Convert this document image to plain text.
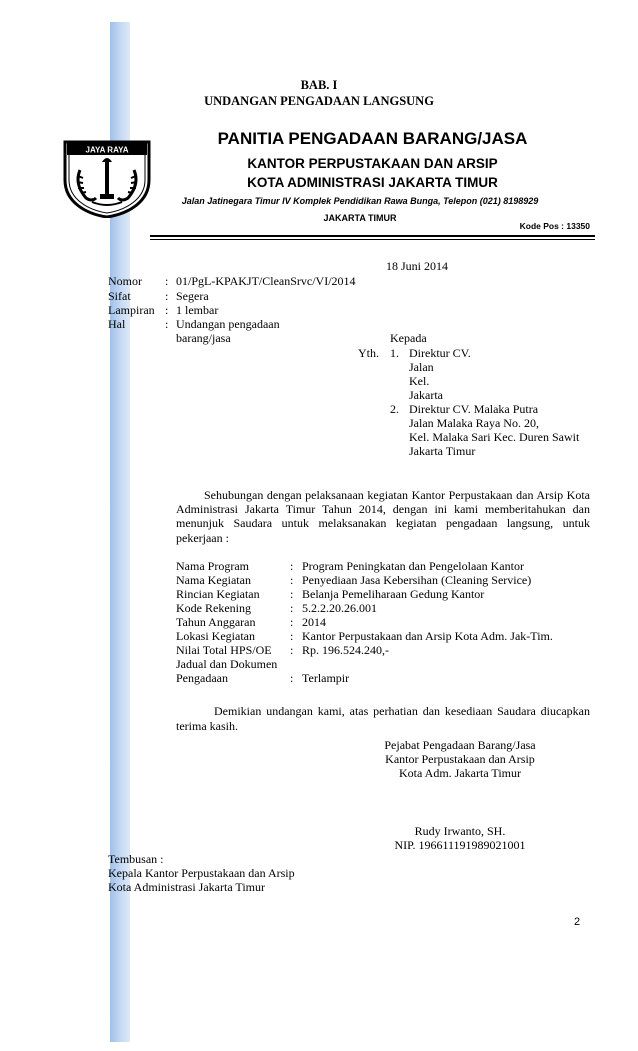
BAB. I
UNDANGAN PENGADAAN LANGSUNG
JAYA RAYA
PANITIA PENGADAAN BARANG/JASA
KANTOR PERPUSTAKAAN DAN ARSIP
KOTA ADMINISTRASI JAKARTA TIMUR
Jalan Jatinegara Timur IV Komplek Pendidikan Rawa Bunga, Telepon (021) 8198929
JAKARTA TIMUR
Kode Pos : 13350
18 Juni 2014
Nomor : 01/PgL-KPAKJT/CleanSrvc/VI/2014
Sifat	: Segera
Lampiran : 1 lembar
Hal	: Undangan pengadaan
barang/jasa	Kepada
Yth. 1. Direktur CV.
Jalan
Kel.
Jakarta
2. Direktur CV. Malaka Putra
Jalan Malaka Raya No. 20,
Kel. Malaka Sari Kec. Duren Sawit
Jakarta Timur
Sehubungan dengan pelaksanaan kegiatan Kantor Perpustakaan dan Arsip Kota Administrasi Jakarta Timur Tahun 2014, dengan ini kami memberitahukan dan menunjuk Saudara untuk melaksanakan kegiatan pengadaan langsung, untuk pekerjaan :
Nama Program	: Program Peningkatan dan Pengelolaan Kantor
Nama Kegiatan	: Penyediaan Jasa Kebersihan (Cleaning Service)
Rincian Kegiatan	: Belanja Pemeliharaan Gedung Kantor
Kode Rekening	: 5.2.2.20.26.001
Tahun Anggaran	: 2014
Lokasi Kegiatan	: Kantor Perpustakaan dan Arsip Kota Adm. Jak-Tim.
Nilai Total HPS/OE : Rp. 196.524.240,-
Jadual dan Dokumen
Pengadaan	: Terlampir
Demikian undangan kami, atas perhatian dan kesediaan Saudara diucapkan terima kasih.
Pejabat Pengadaan Barang/Jasa
Kantor Perpustakaan dan Arsip
Kota Adm. Jakarta Timur
Rudy Irwanto, SH.
NIP. 196611191989021001
Tembusan :
Kepala Kantor Perpustakaan dan Arsip
Kota Administrasi Jakarta Timur
2
